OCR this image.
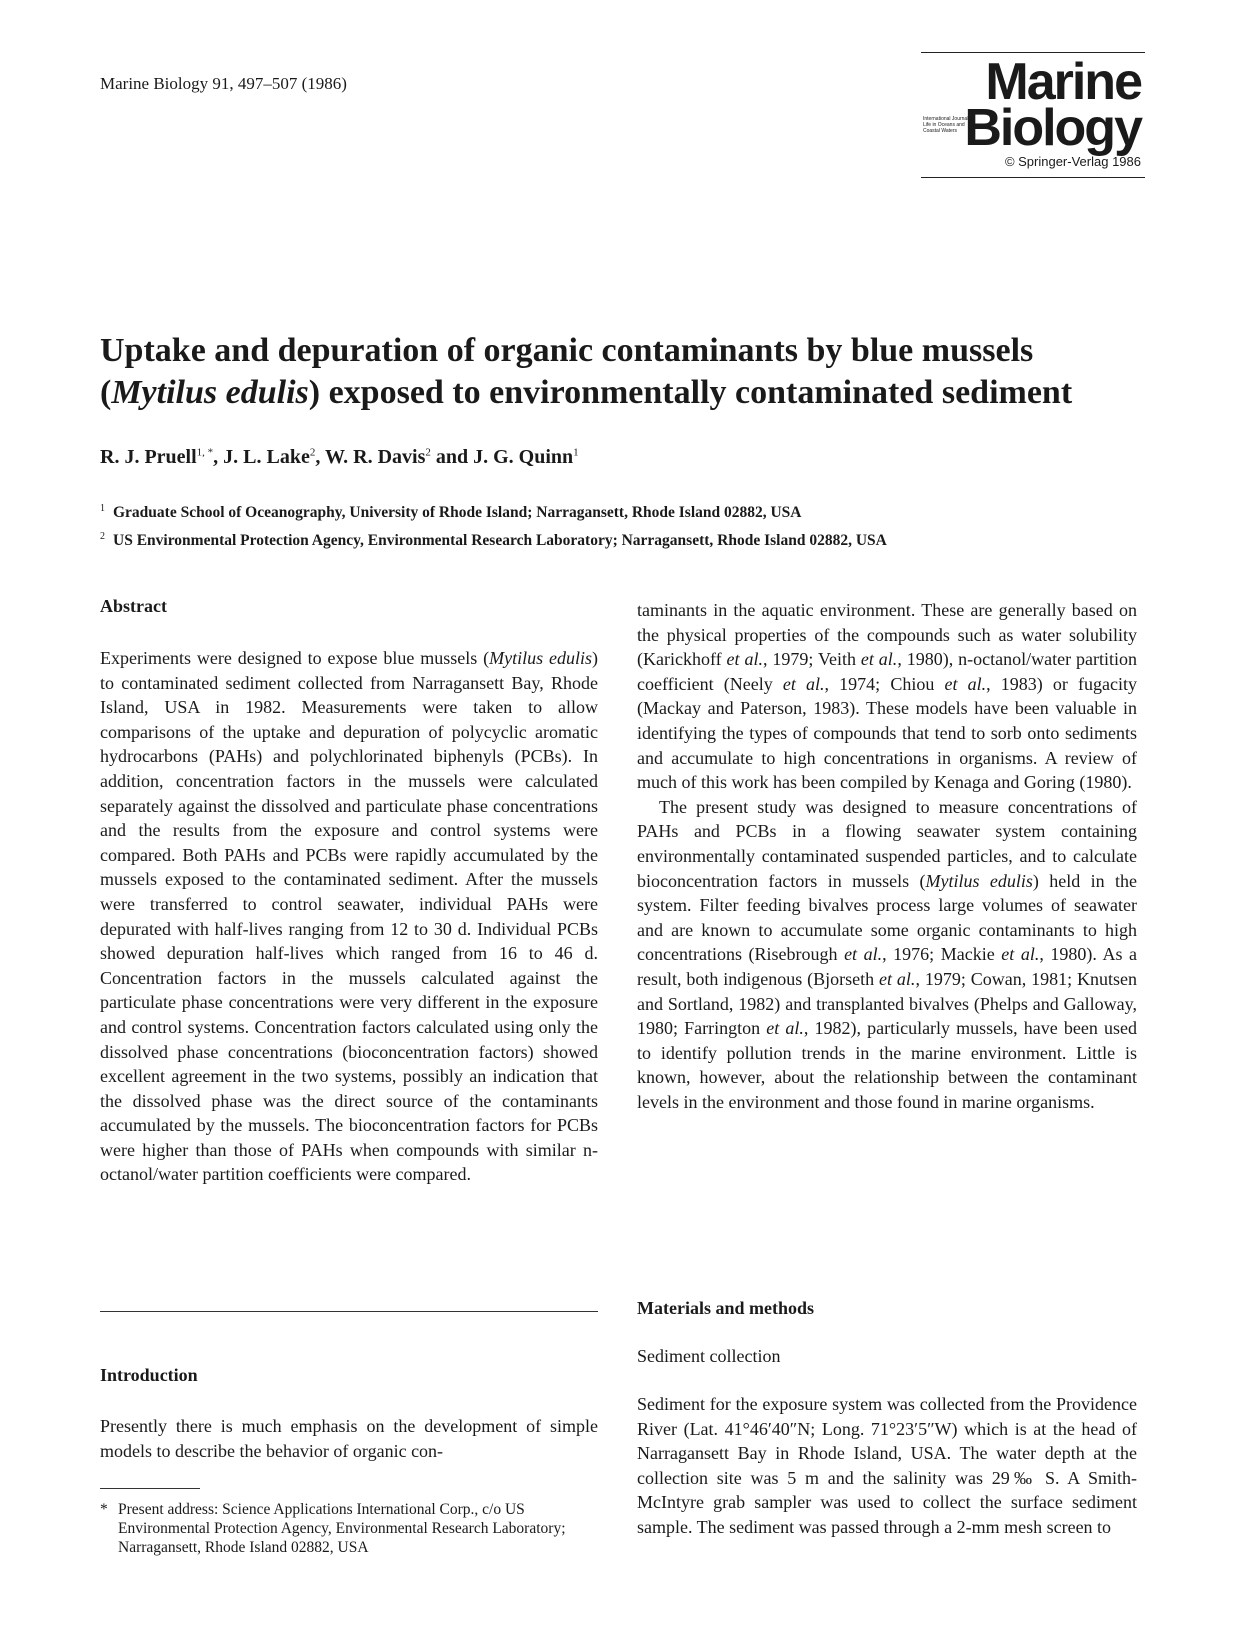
Marine Biology 91, 497–507 (1986)	Marine
International Journal on Life in Oceans and Coastal Waters Biology
© Springer-Verlag 1986
Uptake and depuration of organic contaminants by blue mussels
(Mytilus edulis) exposed to environmentally contaminated sediment
R. J. Pruell$^{1, *}$, J. L. Lake$^2$, W. R. Davis$^2$ and J. G. Quinn$^1$
$^1$ Graduate School of Oceanography, University of Rhode Island; Narragansett, Rhode Island 02882, USA
$^2$ US Environmental Protection Agency, Environmental Research Laboratory; Narragansett, Rhode Island 02882, USA
Abstract

Experiments were designed to expose blue mussels (Mytilus edulis) to contaminated sediment collected from Narragansett Bay, Rhode Island, USA in 1982. Measurements were taken to allow comparisons of the uptake and depuration of polycyclic aromatic hydrocarbons (PAHs) and polychlorinated biphenyls (PCBs). In addition, concentration factors in the mussels were calculated separately against the dissolved and particulate phase concentrations and the results from the exposure and control systems were compared. Both PAHs and PCBs were rapidly accumulated by the mussels exposed to the contaminated sediment. After the mussels were transferred to control seawater, individual PAHs were depurated with half-lives ranging from 12 to 30 d. Individual PCBs showed depuration half-lives which ranged from 16 to 46 d. Concentration factors in the mussels calculated against the particulate phase concentrations were very different in the exposure and control systems. Concentration factors calculated using only the dissolved phase concentrations (bioconcentration factors) showed excellent agreement in the two systems, possibly an indication that the dissolved phase was the direct source of the contaminants accumulated by the mussels. The bioconcentration factors for PCBs were higher than those of PAHs when compounds with similar n-octanol/water partition coefficients were compared.

Introduction

Presently there is much emphasis on the development of simple models to describe the behavior of organic con-

* Present address: Science Applications International Corp., c/o US Environmental Protection Agency, Environmental Research Laboratory; Narragansett, Rhode Island 02882, USA

taminants in the aquatic environment. These are generally based on the physical properties of the compounds such as water solubility (Karickhoff et al., 1979; Veith et al., 1980), n-octanol/water partition coefficient (Neely et al., 1974; Chiou et al., 1983) or fugacity (Mackay and Paterson, 1983). These models have been valuable in identifying the types of compounds that tend to sorb onto sediments and accumulate to high concentrations in organisms. A review of much of this work has been compiled by Kenaga and Goring (1980).

The present study was designed to measure concentrations of PAHs and PCBs in a flowing seawater system containing environmentally contaminated suspended particles, and to calculate bioconcentration factors in mussels (Mytilus edulis) held in the system. Filter feeding bivalves process large volumes of seawater and are known to accumulate some organic contaminants to high concentrations (Risebrough et al., 1976; Mackie et al., 1980). As a result, both indigenous (Bjorseth et al., 1979; Cowan, 1981; Knutsen and Sortland, 1982) and transplanted bivalves (Phelps and Galloway, 1980; Farrington et al., 1982), particularly mussels, have been used to identify pollution trends in the marine environment. Little is known, however, about the relationship between the contaminant levels in the environment and those found in marine organisms.

Materials and methods
Sediment collection

Sediment for the exposure system was collected from the Providence River (Lat. 41°46′40″N; Long. 71°23′5″W) which is at the head of Narragansett Bay in Rhode Island, USA. The water depth at the collection site was 5 m and the salinity was 29‰ S. A Smith-McIntyre grab sampler was used to collect the surface sediment sample. The sediment was passed through a 2-mm mesh screen to
